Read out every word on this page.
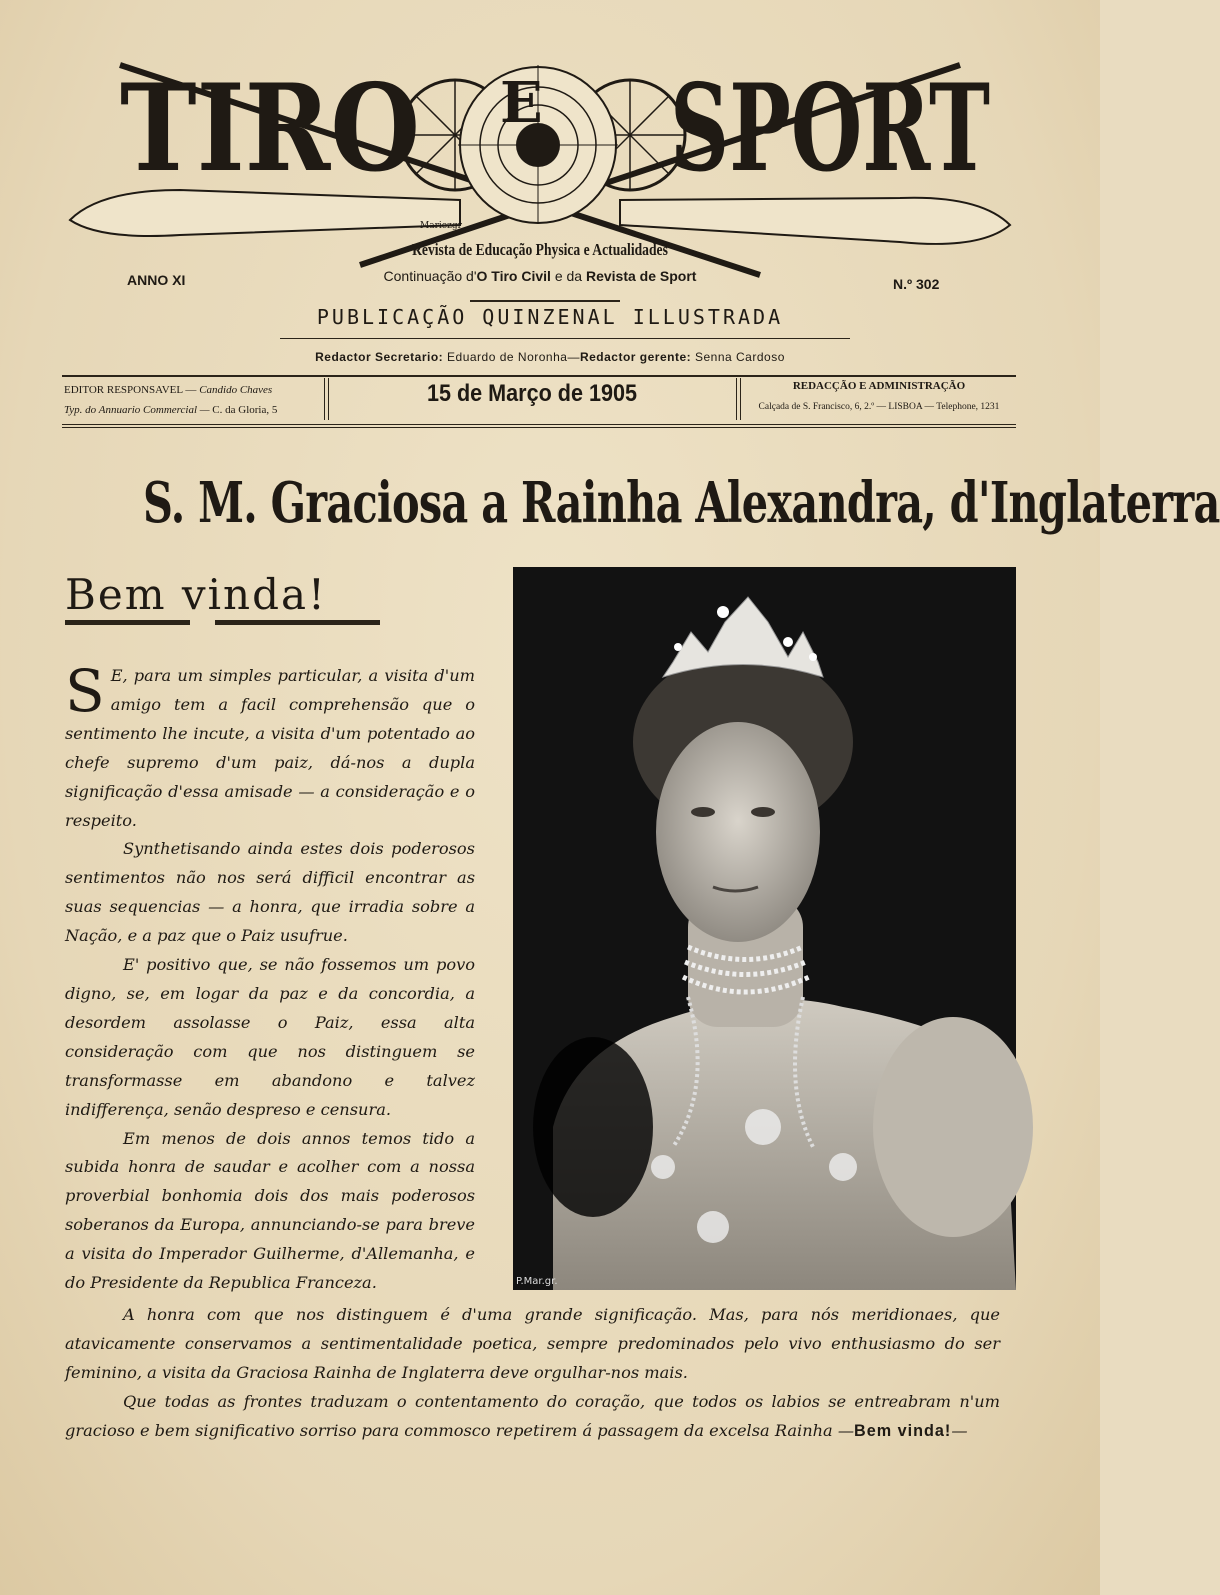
TIRO E SPORT
Mariezgr
Revista de Educação Physica e Actualidades
Continuação d'O Tiro Civil e da Revista de Sport
ANNO XI	N.º 302
PUBLICAÇÃO QUINZENAL ILLUSTRADA
Redactor Secretario: Eduardo de Noronha—Redactor gerente: Senna Cardoso
EDITOR RESPONSAVEL — Candido Chaves
Typ. do Annuario Commercial — C. da Gloria, 5
15 de Março de 1905	REDACÇÃO E ADMINISTRAÇÃO
Calçada de S. Francisco, 6, 2.º — LISBOA — Telephone, 1231
S. M. Graciosa a Rainha Alexandra, d'Inglaterra
Bem vinda!

S E, para um simples particular, a visita d'um amigo tem a facil comprehensão que o sentimento lhe incute, a visita d'um potentado ao chefe supremo d'um paiz, dá-nos a dupla significação d'essa amisade — a consideração e o respeito.

Synthetisando ainda estes dois poderosos sentimentos não nos será difficil encontrar as suas sequencias — a honra, que irradia sobre a Nação, e a paz que o Paiz usufrue.

E' positivo que, se não fossemos um povo digno, se, em logar da paz e da concordia, a desordem assolasse o Paiz, essa alta consideração com que nos distinguem se transformasse em abandono e talvez indifferença, senão despreso e censura.

Em menos de dois annos temos tido a subida honra de saudar e acolher com a nossa proverbial bonhomia dois dos mais poderosos soberanos da Europa, annunciando-se para breve a visita do Imperador Guilherme, d'Allemanha, e do Presidente da Republica Franceza.	P.Mar.gr.

A honra com que nos distinguem é d'uma grande significação. Mas, para nós meridionaes, que atavicamente conservamos a sentimentalidade poetica, sempre predominados pelo vivo enthusiasmo do ser feminino, a visita da Graciosa Rainha de Inglaterra deve orgulhar-nos mais.

Que todas as frontes traduzam o contentamento do coração, que todos os labios se entreabram n'um gracioso e bem significativo sorriso para commosco repetirem á passagem da excelsa Rainha —Bem vinda!—
